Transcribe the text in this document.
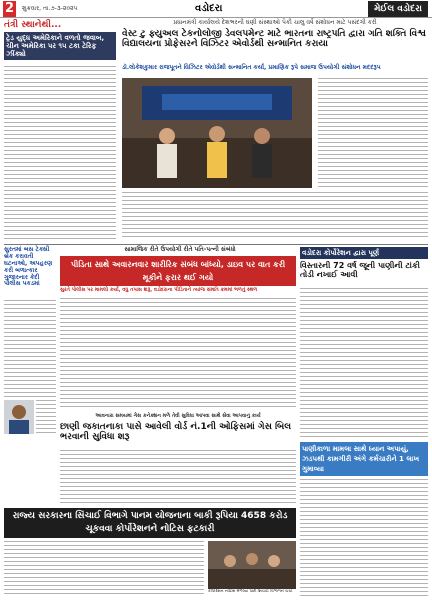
2	શુક્રવાર, તા.૭-૩-૨૦૨૫	વડોદરા	મેઈલ વડોદરા
તંત્રી સ્થાનેથી...
ટ્રેડ યુદ્ધ અમેરિકાને વળતો જવાબ, ચીન અમેરિકા પર ૧૫ ટકા ટેરિફ ઝીંક્યો
પ્રધાનમંત્રી કાર્યાલયે દેશભરની ઘણી સંસ્થાઓ પૈકી ચાલુ વર્ષે સંશોધન માટે પસંદગી કરી
વેસ્ટ ટુ ફ્યુઅલ ટેકનોલોજી ડેવલપમેન્ટ માટે ભારતના રાષ્ટ્રપતિ દ્વારા ગતિ શક્તિ વિશ્વ વિદ્યાલયના પ્રોફેસરને વિઝિટર એવોર્ડથી સન્માનિત કરાયા
ડૉ.લોકેશકુમાર રાજપૂતને વિઝિટર એવોર્ડથી સન્માનિત કર્યા, પ્રમાણિક રૂપે સમાજ ઉપયોગી સંશોધન મદદરૂપ
સામાજિક રીતે ઉપયોગી રીતે પતિ-પત્ની સંબંધો
પીડિતા સાથે અવારનવાર શારીરિક સંબંધ બાંધ્યો, ડાઇવ પર વાત કરી મૂકીને ફરાર થઈ ગયો
સુરતે પોલીસ પર મામલો કર્યો, વધુ તપાસ શરૂ, વડોદરાના પીડિતાને ત્યાંજ સંમતિ ક્રમમાં ભળતું સ્થળ
વડોદરા કોર્પોરેશન દ્વારા પૂર્ણ
વિસ્તારની 72 વર્ષ જૂની પાણીની ટાંકી તોડી નખાઈ આવી
સુરતમાં બસ ટેક્સી બ્રેક કરાવતી ઘટનાઓ, અપહરણ કરી બળાત્કાર ગુજારનાર કેદી પોલીસ પકડમાં
આવનારા સમયમાં ગેસ કનેક્શન મળે તેવી સુવિધા આપવા સાથે સેવા આપવાનું કાર્ય
છાણી જકાતનાકા પાસે આવેલી વોર્ડ નં.1ની ઓફિસમાં ગેસ બિલ ભરવાની સુવિધા શરૂ
પાણીકાળા મામલા સાથે ધ્યાન અપાયું, ઝડપથી કામગીરી અંગે કર્મચારીને 1 લાખ ગુમાવ્યા
રાજ્ય સરકારના સિંચાઈ વિભાગે પાનમ યોજનાના બાકી રૂપિયા 4658 કરોડ ચૂકવવા કોર્પોરેશનને નોટિસ ફટકારી
કોર્પોરેશન નોટિસ મેળવ્યા પછી સિંચાઈ વિભાગને ચર્ચા
